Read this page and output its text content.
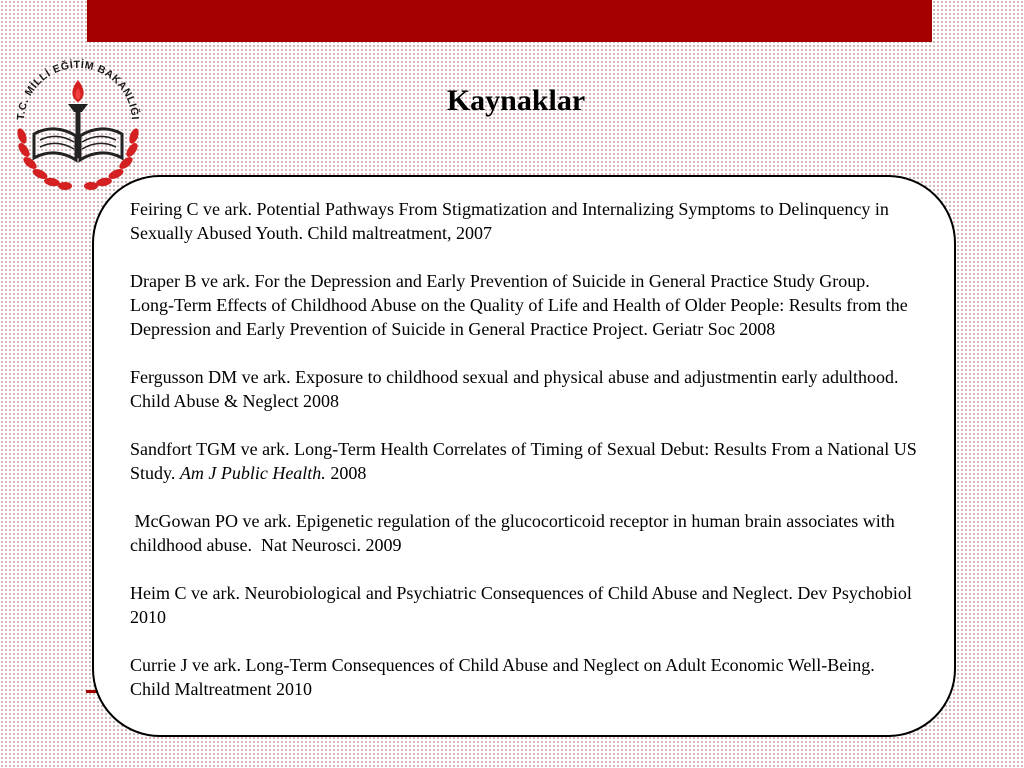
T.C. MİLLİ EĞİTİM BAKANLIĞI
Kaynaklar

Feiring C ve ark. Potential Pathways From Stigmatization and Internalizing Symptoms to Delinquency in Sexually Abused Youth. Child maltreatment, 2007

Draper B ve ark. For the Depression and Early Prevention of Suicide in General Practice Study Group. Long-Term Effects of Childhood Abuse on the Quality of Life and Health of Older People: Results from the Depression and Early Prevention of Suicide in General Practice Project. Geriatr Soc 2008

Fergusson DM ve ark. Exposure to childhood sexual and physical abuse and adjustmentin early adulthood. Child Abuse & Neglect 2008

Sandfort TGM ve ark. Long-Term Health Correlates of Timing of Sexual Debut: Results From a National US Study. Am J Public Health. 2008

McGowan PO ve ark. Epigenetic regulation of the glucocorticoid receptor in human brain associates with childhood abuse.  Nat Neurosci. 2009

Heim C ve ark. Neurobiological and Psychiatric Consequences of Child Abuse and Neglect. Dev Psychobiol 2010

Currie J ve ark. Long-Term Consequences of Child Abuse and Neglect on Adult Economic Well-Being. Child Maltreatment 2010
